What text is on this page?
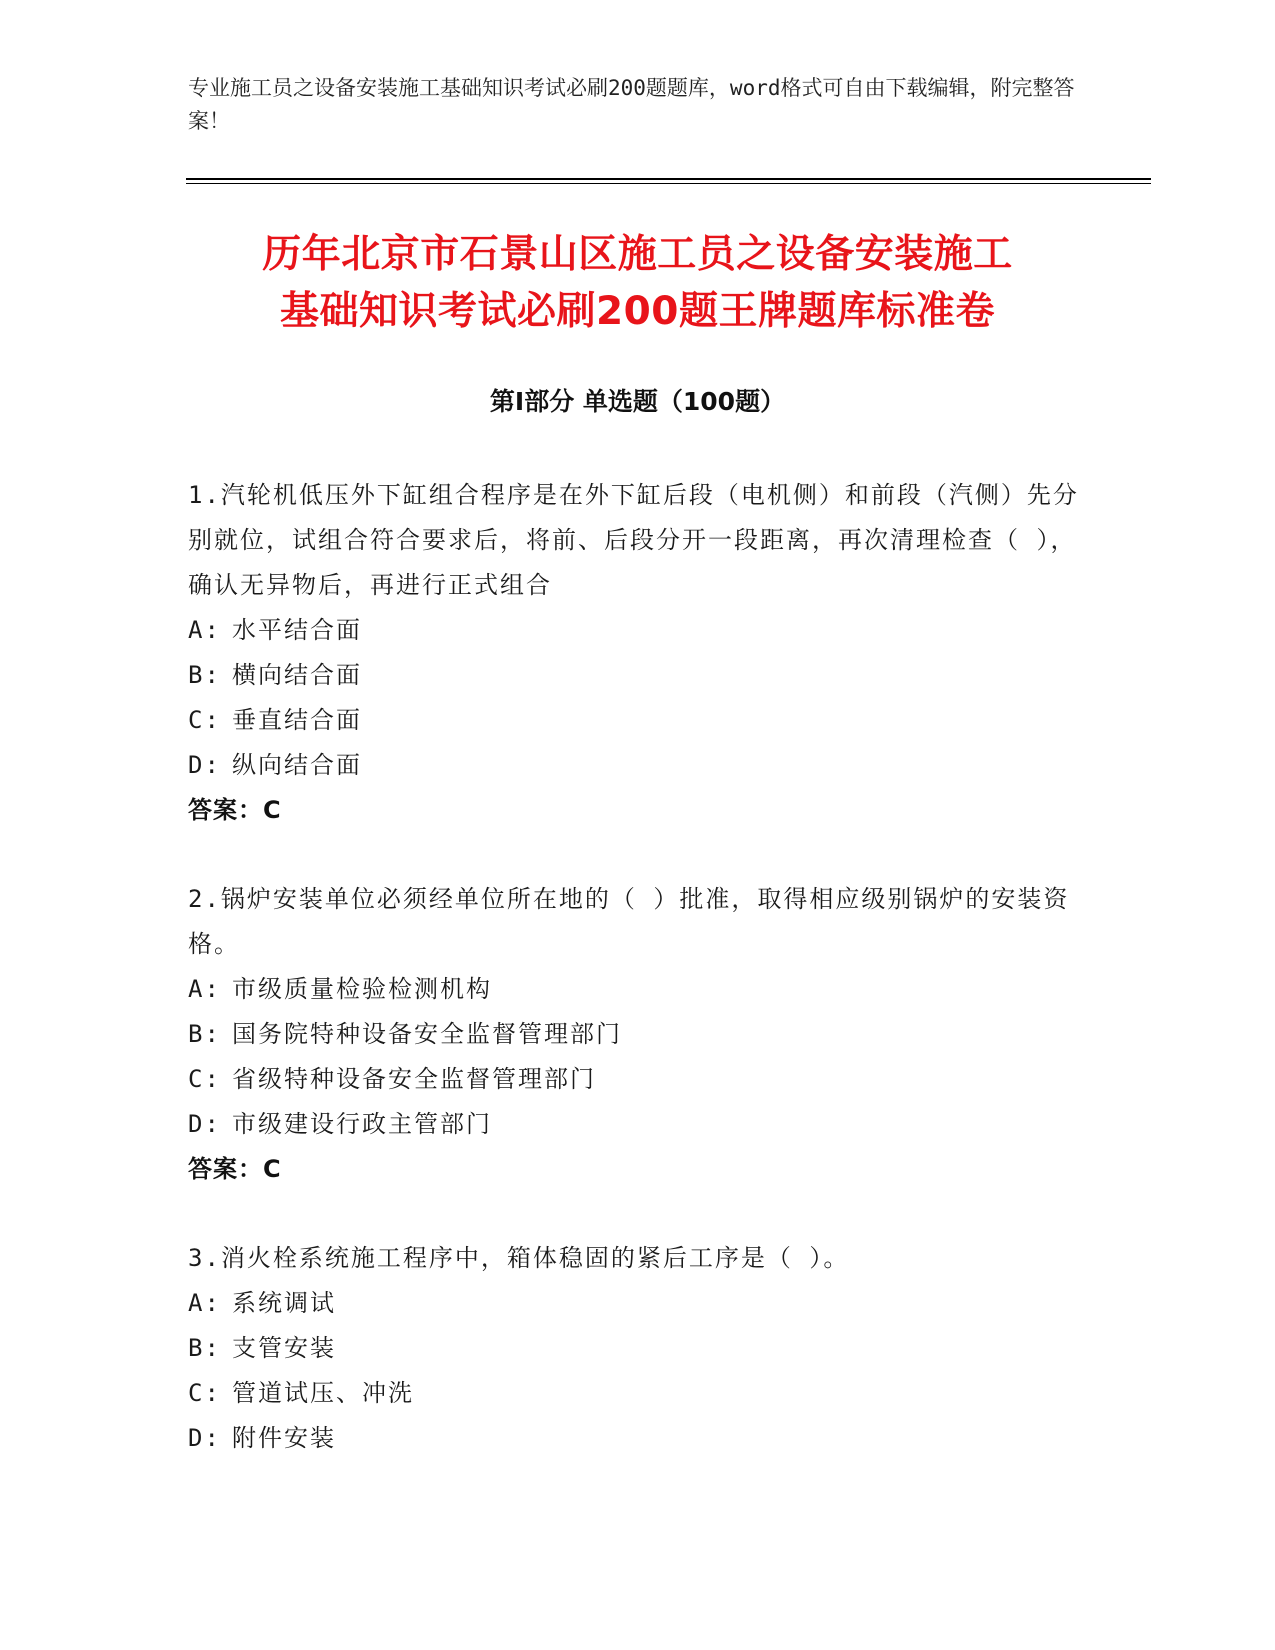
专业施工员之设备安装施工基础知识考试必刷200题题库，word格式可自由下载编辑，附完整答案！
历年北京市石景山区施工员之设备安装施工
基础知识考试必刷200题王牌题库标准卷
第Ⅰ部分 单选题（100题）
1.汽轮机低压外下缸组合程序是在外下缸后段（电机侧）和前段（汽侧）先分别就位，试组合符合要求后，将前、后段分开一段距离，再次清理检查（ ），确认无异物后，再进行正式组合
A: 水平结合面
B: 横向结合面
C: 垂直结合面
D: 纵向结合面
答案：C
2.锅炉安装单位必须经单位所在地的（ ）批准，取得相应级别锅炉的安装资格。
A: 市级质量检验检测机构
B: 国务院特种设备安全监督管理部门
C: 省级特种设备安全监督管理部门
D: 市级建设行政主管部门
答案：C
3.消火栓系统施工程序中，箱体稳固的紧后工序是（ ）。
A: 系统调试
B: 支管安装
C: 管道试压、冲洗
D: 附件安装
